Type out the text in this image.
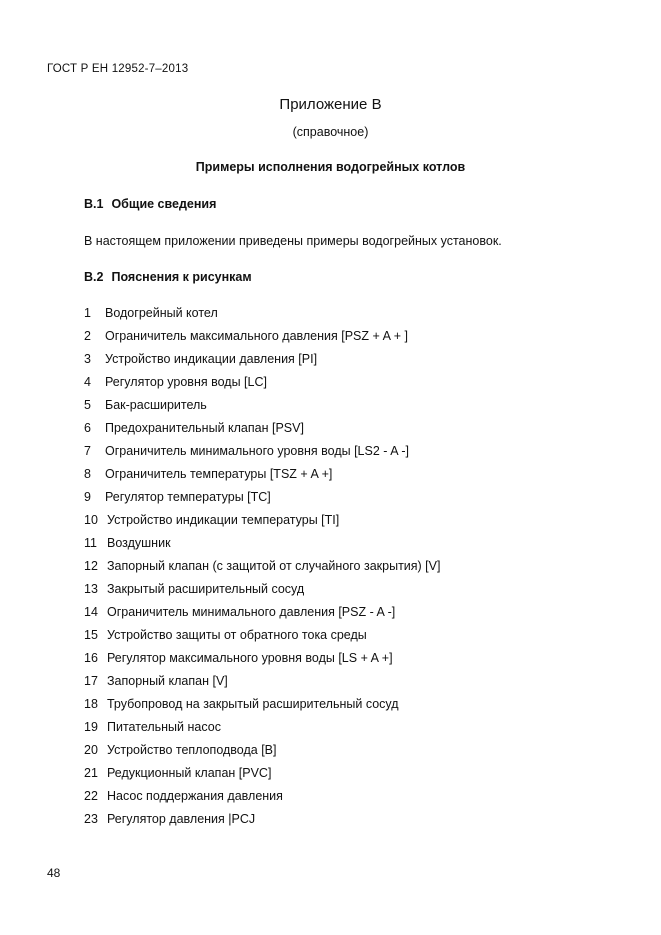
ГОСТ Р ЕН 12952-7–2013
Приложение В
(справочное)
Примеры исполнения водогрейных котлов
В.1 Общие сведения
В настоящем приложении приведены примеры водогрейных установок.
В.2 Пояснения к рисункам
1	Водогрейный котел
2	Ограничитель максимального давления [PSZ + A + ]
3	Устройство индикации давления [PI]
4	Регулятор уровня воды [LC]
5	Бак-расширитель
6	Предохранительный клапан [PSV]
7	Ограничитель минимального уровня воды [LS2 - A -]
8	Ограничитель температуры [TSZ + A +]
9	Регулятор температуры [TC]
10 Устройство индикации температуры [TI]
11 Воздушник
12 Запорный клапан (с защитой от случайного закрытия) [V]
13 Закрытый расширительный сосуд
14 Ограничитель минимального давления [PSZ - A -]
15 Устройство защиты от обратного тока среды
16 Регулятор максимального уровня воды [LS + A +]
17 Запорный клапан [V]
18 Трубопровод на закрытый расширительный сосуд
19 Питательный насос
20 Устройство теплоподвода [B]
21 Редукционный клапан [PVC]
22 Насос поддержания давления
23 Регулятор давления |PCJ
48
